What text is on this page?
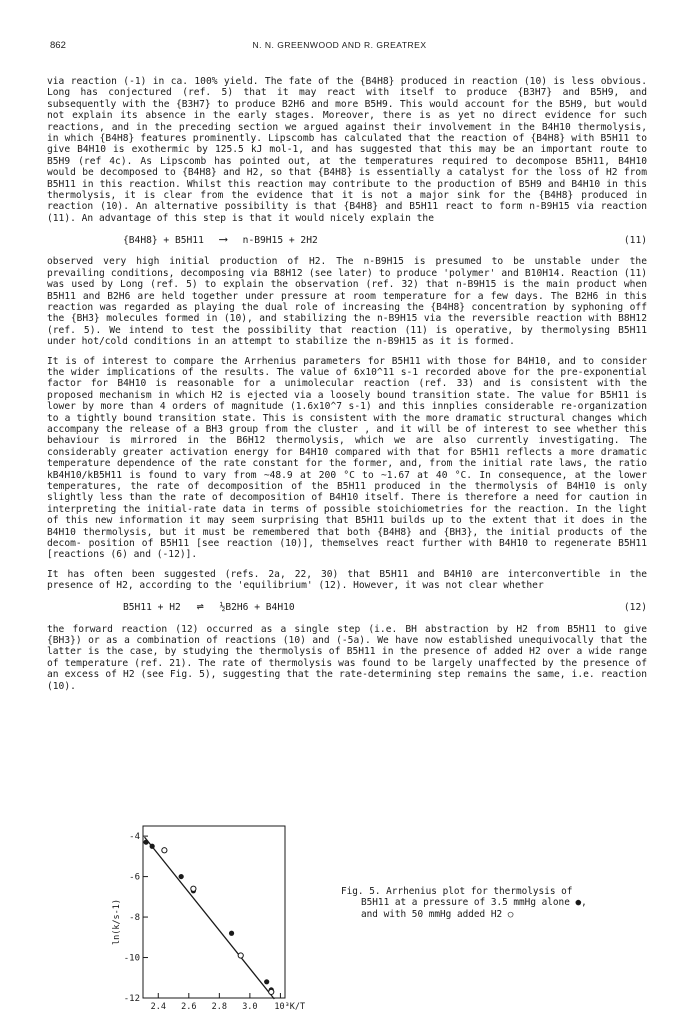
862	N. N. GREENWOOD AND R. GREATREX

via reaction (-1) in ca. 100% yield. The fate of the {B4H8} produced in reaction (10) is less obvious. Long has conjectured (ref. 5) that it may react with itself to produce {B3H7} and B5H9, and subsequently with the {B3H7} to produce B2H6 and more B5H9. This would account for the B5H9, but would not explain its absence in the early stages. Moreover, there is as yet no direct evidence for such reactions, and in the preceding section we argued against their involvement in the B4H10 thermolysis, in which {B4H8} features prominently. Lipscomb has calculated that the reaction of {B4H8} with B5H11 to give B4H10 is exothermic by 125.5 kJ mol-1, and has suggested that this may be an important route to B5H9 (ref 4c). As Lipscomb has pointed out, at the temperatures required to decompose B5H11, B4H10 would be decomposed to {B4H8} and H2, so that {B4H8} is essentially a catalyst for the loss of H2 from B5H11 in this reaction. Whilst this reaction may contribute to the production of B5H9 and B4H10 in this thermolysis, it is clear from the evidence that it is not a major sink for the {B4H8} produced in reaction (10). An alternative possibility is that {B4H8} and B5H11 react to form n-B9H15 via reaction (11). An advantage of this step is that it would nicely explain the

{B4H8} + B5H11 ⟶ n-B9H15 + 2H2	(11)

observed very high initial production of H2. The n-B9H15 is presumed to be unstable under the prevailing conditions, decomposing via B8H12 (see later) to produce 'polymer' and B10H14. Reaction (11) was used by Long (ref. 5) to explain the observation (ref. 32) that n-B9H15 is the main product when B5H11 and B2H6 are held together under pressure at room temperature for a few days. The B2H6 in this reaction was regarded as playing the dual role of increasing the {B4H8} concentration by syphoning off the {BH3} molecules formed in (10), and stabilizing the n-B9H15 via the reversible reaction with B8H12 (ref. 5). We intend to test the possibility that reaction (11) is operative, by thermolysing B5H11 under hot/cold conditions in an attempt to stabilize the n-B9H15 as it is formed.

It is of interest to compare the Arrhenius parameters for B5H11 with those for B4H10, and to consider the wider implications of the results. The value of 6x10^11 s-1 recorded above for the pre-exponential factor for B4H10 is reasonable for a unimolecular reaction (ref. 33) and is consistent with the proposed mechanism in which H2 is ejected via a loosely bound transition state. The value for B5H11 is lower by more than 4 orders of magnitude (1.6x10^7 s-1) and this innplies considerable re-organization to a tightly bound transition state. This is consistent with the more dramatic structural changes which accompany the release of a BH3 group from the cluster , and it will be of interest to see whether this behaviour is mirrored in the B6H12 thermolysis, which we are also currently investigating. The considerably greater activation energy for B4H10 compared with that for B5H11 reflects a more dramatic temperature dependence of the rate constant for the former, and, from the initial rate laws, the ratio kB4H10/kB5H11 is found to vary from ~48.9 at 200 °C to ~1.67 at 40 °C. In consequence, at the lower temperatures, the rate of decomposition of the B5H11 produced in the thermolysis of B4H10 is only slightly less than the rate of decomposition of B4H10 itself. There is therefore a need for caution in interpreting the initial-rate data in terms of possible stoichiometries for the reaction. In the light of this new information it may seem surprising that B5H11 builds up to the extent that it does in the B4H10 thermolysis, but it must be remembered that both {B4H8} and {BH3}, the initial products of the decom- position of B5H11 [see reaction (10)], themselves react further with B4H10 to regenerate B5H11 [reactions (6) and (-12)].

It has often been suggested (refs. 2a, 22, 30) that B5H11 and B4H10 are interconvertible in the presence of H2, according to the 'equilibrium' (12). However, it was not clear whether

B5H11 + H2 ⇌ ½B2H6 + B4H10	(12)

the forward reaction (12) occurred as a single step (i.e. BH abstraction by H2 from B5H11 to give {BH3}) or as a combination of reactions (10) and (-5a). We have now established unequivocally that the latter is the case, by studying the thermolysis of B5H11 in the presence of added H2 over a wide range of temperature (ref. 21). The rate of thermolysis was found to be largely unaffected by the presence of an excess of H2 (see Fig. 5), suggesting that the rate-determining step remains the same, i.e. reaction (10).

-4
-6
-8
-10
-12
2.4 2.6 2.8 3.0 10³K/T
ln(k/s-1)
Fig. 5. Arrhenius plot for thermolysis of
B5H11 at a pressure of 3.5 mmHg alone ●,
and with 50 mmHg added H2 ○
